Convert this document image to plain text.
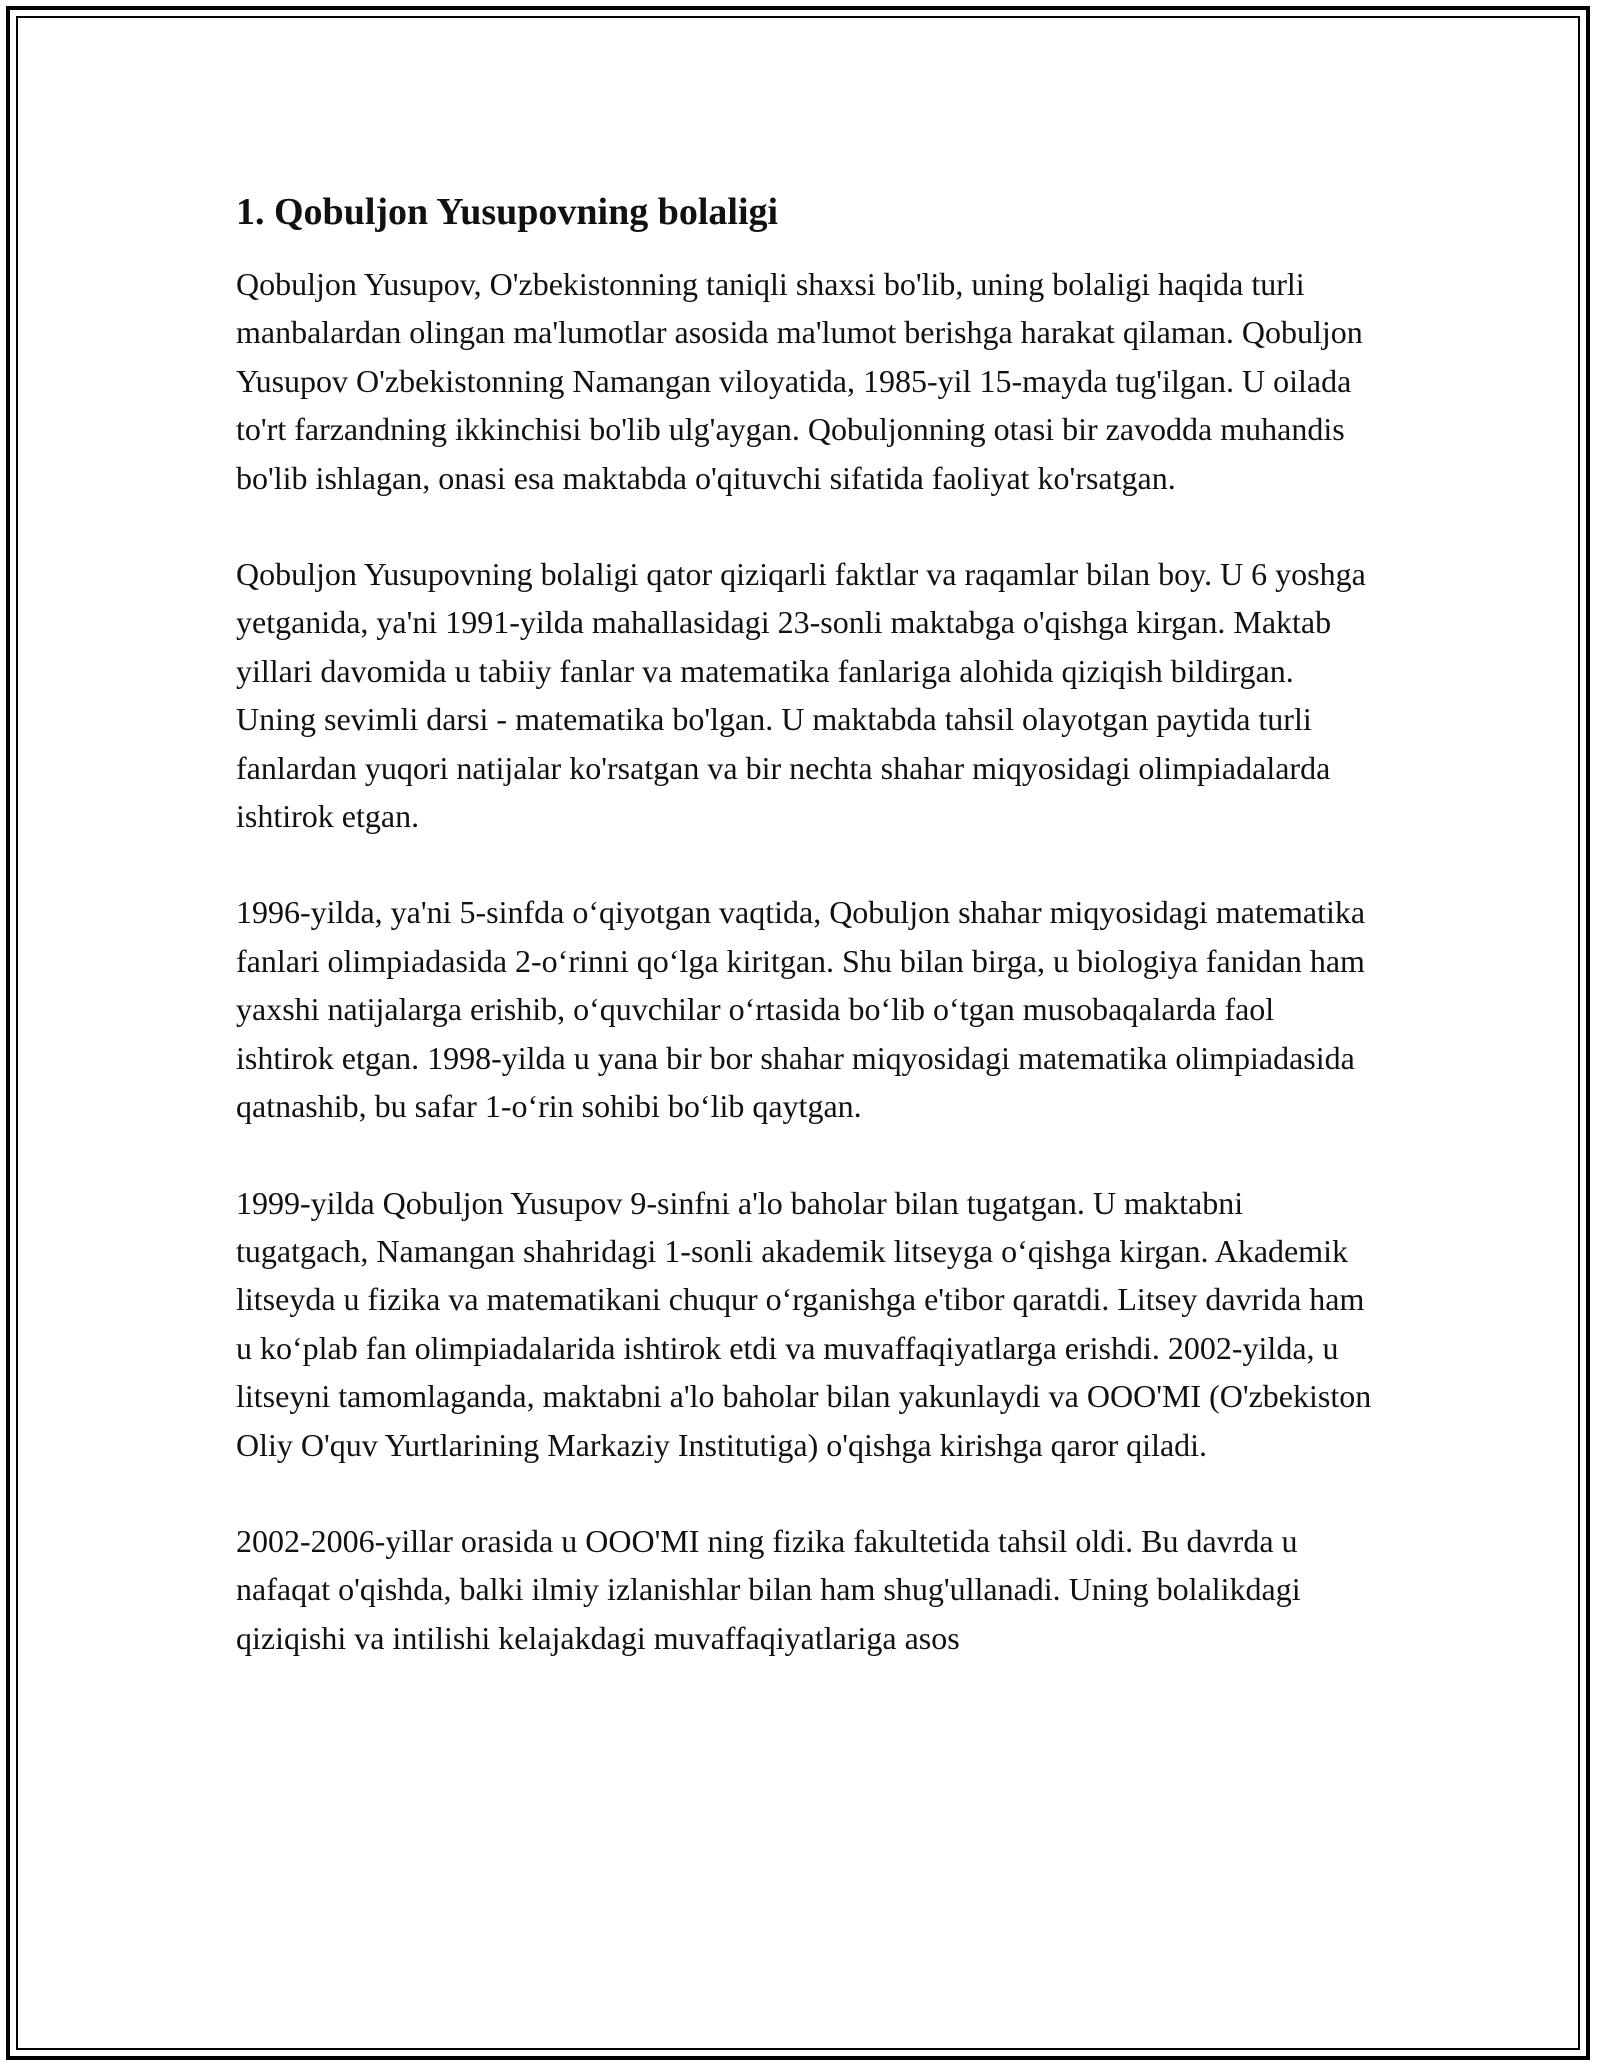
1. Qobuljon Yusupovning bolaligi

Qobuljon Yusupov, O'zbekistonning taniqli shaxsi bo'lib, uning bolaligi haqida turli manbalardan olingan ma'lumotlar asosida ma'lumot berishga harakat qilaman. Qobuljon Yusupov O'zbekistonning Namangan viloyatida, 1985-yil 15-mayda tug'ilgan. U oilada to'rt farzandning ikkinchisi bo'lib ulg'aygan. Qobuljonning otasi bir zavodda muhandis bo'lib ishlagan, onasi esa maktabda o'qituvchi sifatida faoliyat ko'rsatgan.

Qobuljon Yusupovning bolaligi qator qiziqarli faktlar va raqamlar bilan boy. U 6 yoshga yetganida, ya'ni 1991-yilda mahallasidagi 23-sonli maktabga o'qishga kirgan. Maktab yillari davomida u tabiiy fanlar va matematika fanlariga alohida qiziqish bildirgan. Uning sevimli darsi - matematika bo'lgan. U maktabda tahsil olayotgan paytida turli fanlardan yuqori natijalar ko'rsatgan va bir nechta shahar miqyosidagi olimpiadalarda ishtirok etgan.

1996-yilda, ya'ni 5-sinfda o‘qiyotgan vaqtida, Qobuljon shahar miqyosidagi matematika fanlari olimpiadasida 2-o‘rinni qo‘lga kiritgan. Shu bilan birga, u biologiya fanidan ham yaxshi natijalarga erishib, o‘quvchilar o‘rtasida bo‘lib o‘tgan musobaqalarda faol ishtirok etgan. 1998-yilda u yana bir bor shahar miqyosidagi matematika olimpiadasida qatnashib, bu safar 1-o‘rin sohibi bo‘lib qaytgan.

1999-yilda Qobuljon Yusupov 9-sinfni a'lo baholar bilan tugatgan. U maktabni tugatgach, Namangan shahridagi 1-sonli akademik litseyga o‘qishga kirgan. Akademik litseyda u fizika va matematikani chuqur o‘rganishga e'tibor qaratdi. Litsey davrida ham u ko‘plab fan olimpiadalarida ishtirok etdi va muvaffaqiyatlarga erishdi. 2002-yilda, u litseyni tamomlaganda, maktabni a'lo baholar bilan yakunlaydi va OOO'MI (O'zbekiston Oliy O'quv Yurtlarining Markaziy Institutiga) o'qishga kirishga qaror qiladi.

2002-2006-yillar orasida u OOO'MI ning fizika fakultetida tahsil oldi. Bu davrda u nafaqat o'qishda, balki ilmiy izlanishlar bilan ham shug'ullanadi. Uning bolalikdagi qiziqishi va intilishi kelajakdagi muvaffaqiyatlariga asos
